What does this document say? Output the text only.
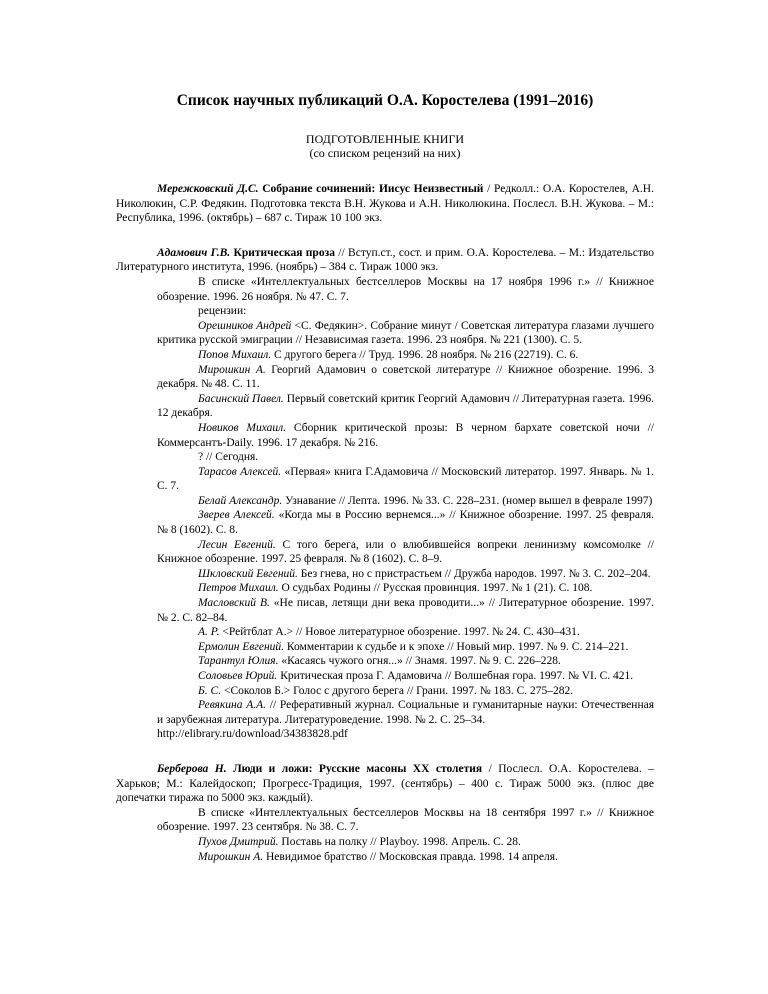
Список научных публикаций О.А. Коростелева (1991–2016)
ПОДГОТОВЛЕННЫЕ КНИГИ
(со списком рецензий на них)

Мережковский Д.С. Собрание сочинений: Иисус Неизвестный / Редколл.: О.А. Коростелев, А.Н. Николюкин, С.Р. Федякин. Подготовка текста В.Н. Жукова и А.Н. Николюкина. Послесл. В.Н. Жукова. – М.: Республика, 1996. (октябрь) – 687 с. Тираж 10 100 экз.

Адамович Г.В. Критическая проза // Вступ.ст., сост. и прим. О.А. Коростелева. – М.: Издательство Литературного института, 1996. (ноябрь) – 384 с. Тираж 1000 экз.

В списке «Интеллектуальных бестселлеров Москвы на 17 ноября 1996 г.» // Книжное обозрение. 1996. 26 ноября. № 47. С. 7.

рецензии:

Орешников Андрей <С. Федякин>. Собрание минут / Советская литература глазами лучшего критика русской эмиграции // Независимая газета. 1996. 23 ноября. № 221 (1300). С. 5.

Попов Михаил. С другого берега // Труд. 1996. 28 ноября. № 216 (22719). С. 6.

Мирошкин А. Георгий Адамович о советской литературе // Книжное обозрение. 1996. 3 декабря. № 48. С. 11.

Басинский Павел. Первый советский критик Георгий Адамович // Литературная газета. 1996. 12 декабря.

Новиков Михаил. Сборник критической прозы: В черном бархате советской ночи // Коммерсантъ-Daily. 1996. 17 декабря. № 216.

? // Сегодня.

Тарасов Алексей. «Первая» книга Г.Адамовича // Московский литератор. 1997. Январь. № 1. С. 7.

Белай Александр. Узнавание // Лепта. 1996. № 33. С. 228–231. (номер вышел в феврале 1997)

Зверев Алексей. «Когда мы в Россию вернемся...» // Книжное обозрение. 1997. 25 февраля. № 8 (1602). С. 8.

Лесин Евгений. С того берега, или о влюбившейся вопреки ленинизму комсомолке // Книжное обозрение. 1997. 25 февраля. № 8 (1602). С. 8–9.

Шкловский Евгений. Без гнева, но с пристрастьем // Дружба народов. 1997. № 3. С. 202–204.

Петров Михаил. О судьбах Родины // Русская провинция. 1997. № 1 (21). С. 108.

Масловский В. «Не писав, летящи дни века проводити...» // Литературное обозрение. 1997. № 2. С. 82–84.

А. Р. <Рейтблат А.> // Новое литературное обозрение. 1997. № 24. С. 430–431.

Ермолин Евгений. Комментарии к судьбе и к эпохе // Новый мир. 1997. № 9. С. 214–221.

Тарантул Юлия. «Касаясь чужого огня...» // Знамя. 1997. № 9. С. 226–228.

Соловьев Юрий. Критическая проза Г. Адамовича // Волшебная гора. 1997. № VI. С. 421.

Б. С. <Соколов Б.> Голос с другого берега // Грани. 1997. № 183. С. 275–282.

Ревякина А.А. // Реферативный журнал. Социальные и гуманитарные науки: Отечественная и зарубежная литература. Литературоведение. 1998. № 2. С. 25–34.

http://elibrary.ru/download/34383828.pdf

Берберова Н. Люди и ложи: Русские масоны XX столетия / Послесл. О.А. Коростелева. – Харьков; М.: Калейдоскоп; Прогресс-Традиция, 1997. (сентябрь) – 400 с. Тираж 5000 экз. (плюс две допечатки тиража по 5000 экз. каждый).

В списке «Интеллектуальных бестселлеров Москвы на 18 сентября 1997 г.» // Книжное обозрение. 1997. 23 сентября. № 38. С. 7.

Пухов Дмитрий. Поставь на полку // Playboy. 1998. Апрель. С. 28.

Мирошкин А. Невидимое братство // Московская правда. 1998. 14 апреля.
